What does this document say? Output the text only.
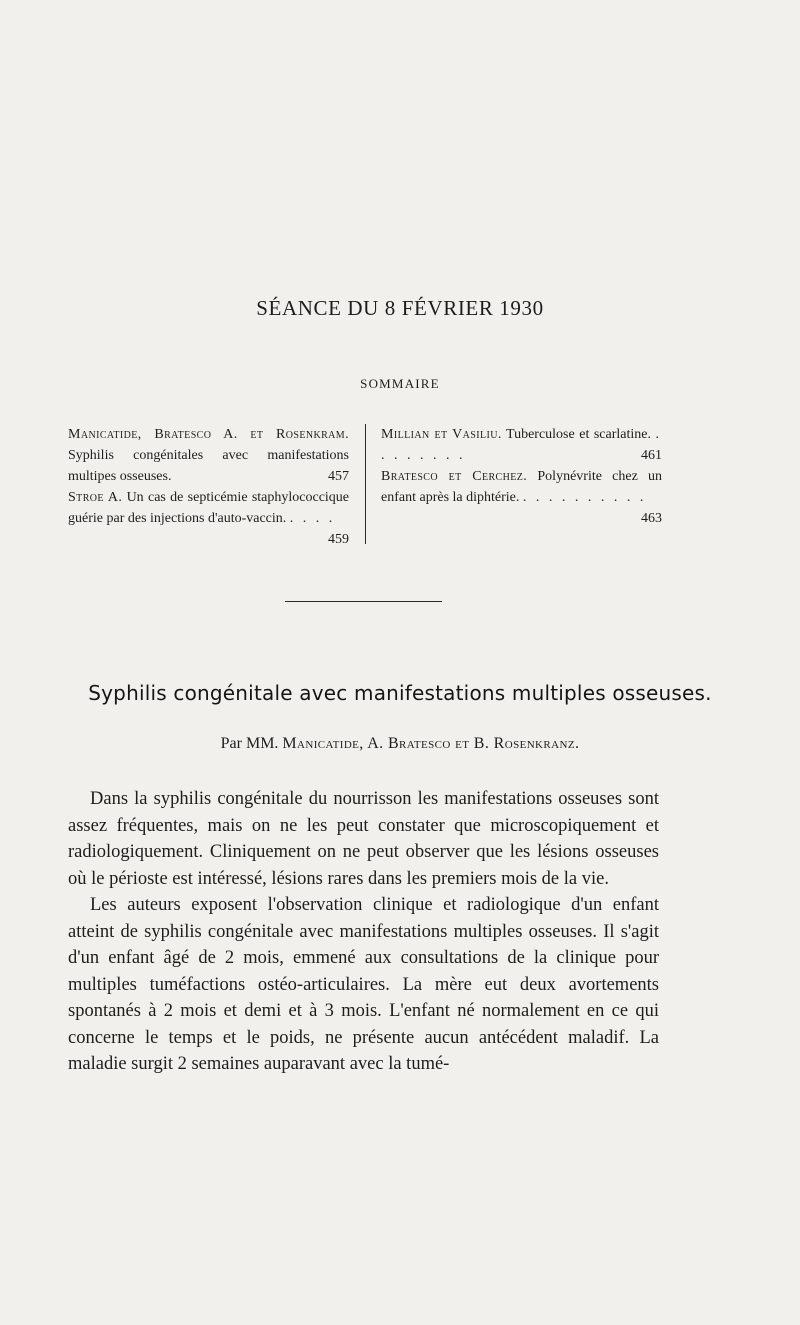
SÉANCE DU 8 FÉVRIER 1930
SOMMAIRE

Manicatide, Bratesco A. et Rosenkram. Syphilis congénitales avec manifestations multipes osseuses.	457

Stroe A. Un cas de septicémie staphylococcique guérie par des injections d'auto-vaccin. . . . .
459

Millian et Vasiliu. Tuberculose et scarlatine. . . . . . . . .	461

Bratesco et Cerchez. Polynévrite chez un enfant après la diphtérie. . . . . . . . . . .
463

Syphilis congénitale avec manifestations multiples osseuses.
Par MM. Manicatide, A. Bratesco et B. Rosenkranz.

Dans la syphilis congénitale du nourrisson les manifestations osseuses sont assez fréquentes, mais on ne les peut constater que microscopiquement et radiologiquement. Cliniquement on ne peut observer que les lésions osseuses où le périoste est intéressé, lésions rares dans les premiers mois de la vie.

Les auteurs exposent l'observation clinique et radiologique d'un enfant atteint de syphilis congénitale avec manifestations multiples osseuses. Il s'agit d'un enfant âgé de 2 mois, emmené aux consultations de la clinique pour multiples tuméfactions ostéo-articulaires. La mère eut deux avortements spontanés à 2 mois et demi et à 3 mois. L'enfant né normalement en ce qui concerne le temps et le poids, ne présente aucun antécédent maladif. La maladie surgit 2 semaines auparavant avec la tumé-
